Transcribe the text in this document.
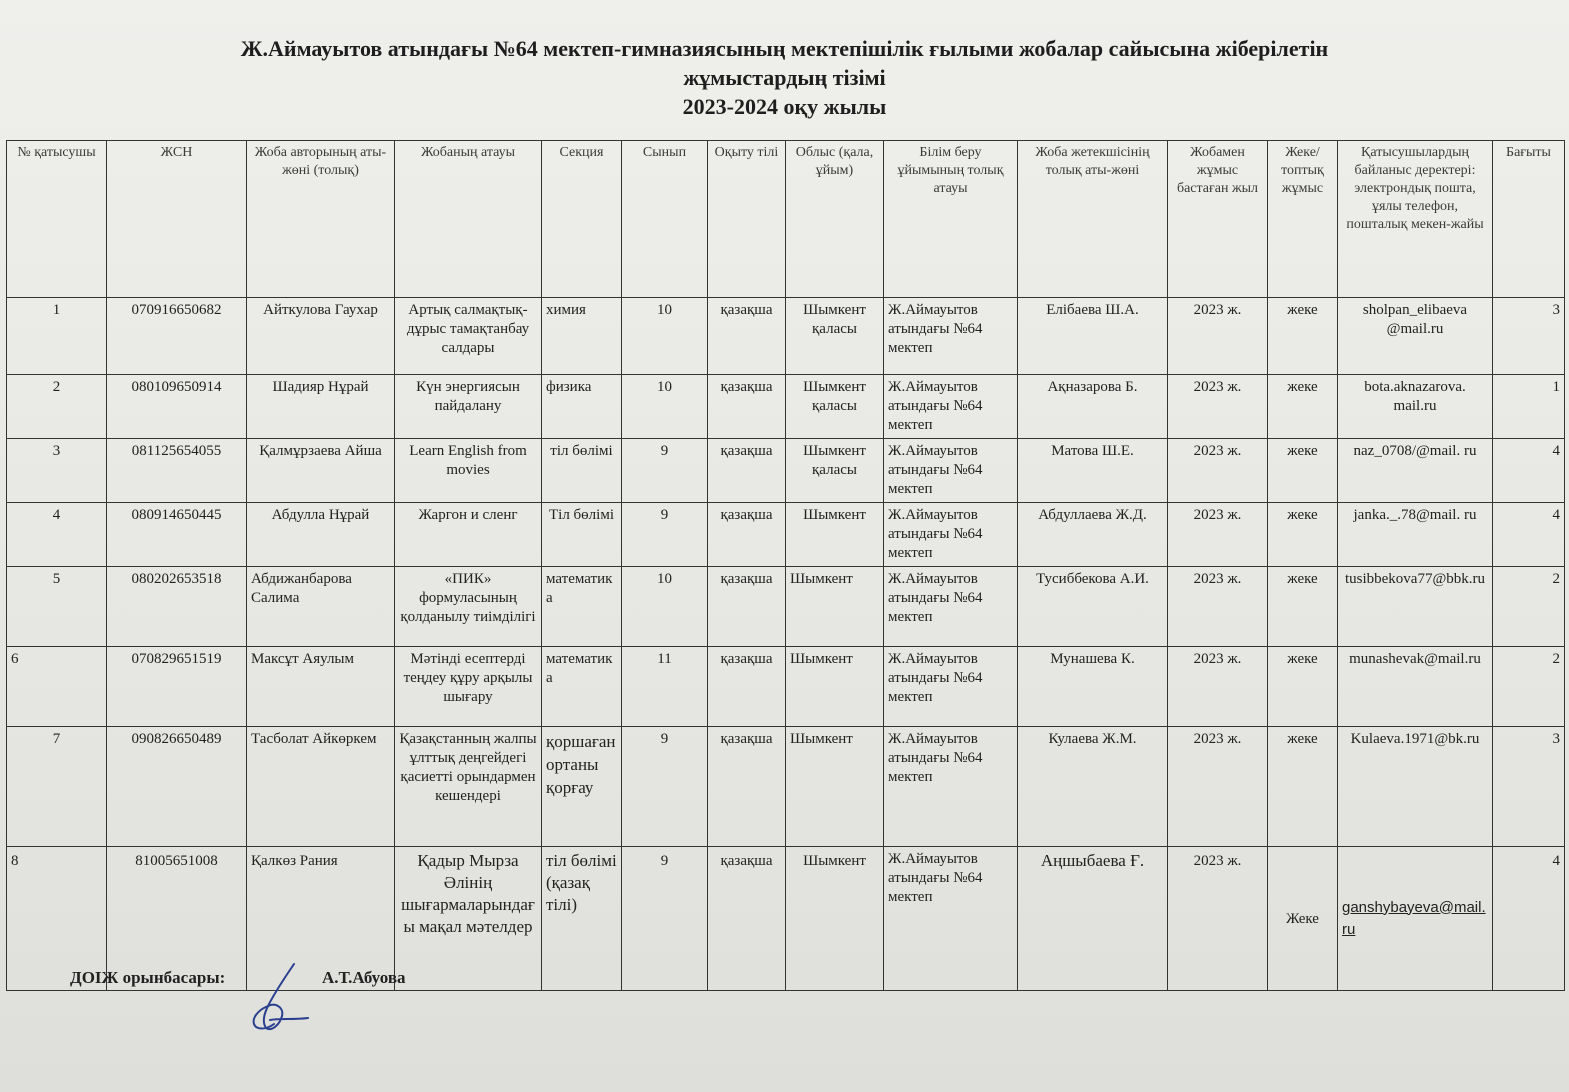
Ж.Аймауытов атындағы №64 мектеп-гимназиясының мектепішілік ғылыми жобалар сайысына жіберілетін
жұмыстардың тізімі
2023-2024 оқу жылы
№ қатысушы	ЖСН	Жоба авторының аты-жөні (толық)	Жобаның атауы	Секция	Сынып	Оқыту тілі	Облыс (қала, ұйым)	Білім беру ұйымының толық атауы	Жоба жетекшісінің толық аты-жөні	Жобамен жұмыс бастаған жыл	Жеке/ топтық жұмыс	Қатысушылардың байланыс деректері: электрондық пошта, ұялы телефон, пошталық мекен-жайы	Бағыты
1	070916650682	Айткулова Гаухар	Артық салмақтық-дұрыс тамақтанбау салдары	химия	10	қазақша	Шымкент қаласы	Ж.Аймауытов атындағы №64 мектеп	Елібаева Ш.А.	2023 ж.	жеке	sholpan_elibaeva @mail.ru	3
2	080109650914	Шадияр Нұрай	Күн энергиясын пайдалану	физика	10	қазақша	Шымкент қаласы	Ж.Аймауытов атындағы №64 мектеп	Ақназарова Б.	2023 ж.	жеке	bota.aknazarova. mail.ru	1
3	081125654055	Қалмұрзаева Айша	Learn English from movies	тіл бөлімі	9	қазақша	Шымкент қаласы	Ж.Аймауытов атындағы №64 мектеп	Матова Ш.Е.	2023 ж.	жеке	naz_0708/@mail. ru	4
4	080914650445	Абдулла Нұрай	Жаргон и сленг	Тіл бөлімі	9	қазақша	Шымкент	Ж.Аймауытов атындағы №64 мектеп	Абдуллаева Ж.Д.	2023 ж.	жеке	janka._.78@mail. ru	4
5	080202653518	Абдижанбарова Салима	«ПИК» формуласының қолданылу тиімділігі	математика	10	қазақша	Шымкент	Ж.Аймауытов атындағы №64 мектеп	Тусиббекова А.И.	2023 ж.	жеке	tusibbekova77@bbk.ru	2
6	070829651519	Максұт Аяулым	Мәтінді есептерді теңдеу құру арқылы шығару	математика	11	қазақша	Шымкент	Ж.Аймауытов атындағы №64 мектеп	Мунашева К.	2023 ж.	жеке	munashevak@mail.ru	2
7	090826650489	Тасболат Айкөркем	Қазақстанның жалпы ұлттық деңгейдегі қасиетті орындармен кешендері	қоршаған ортаны қорғау	9	қазақша	Шымкент	Ж.Аймауытов атындағы №64 мектеп	Кулаева Ж.М.	2023 ж.	жеке	Kulaeva.1971@bk.ru	3
8	81005651008	Қалкөз Рания	Қадыр Мырза Әлінің шығармаларындағы мақал мәтелдер	тіл бөлімі (қазақ тілі)	9	қазақша	Шымкент	Ж.Аймауытов атындағы №64 мектеп	Аңшыбаева Ғ.	2023 ж.	Жеке	ganshybayeva@mail.ru	4
ДОІЖ орынбасары:	А.Т.Абуова
